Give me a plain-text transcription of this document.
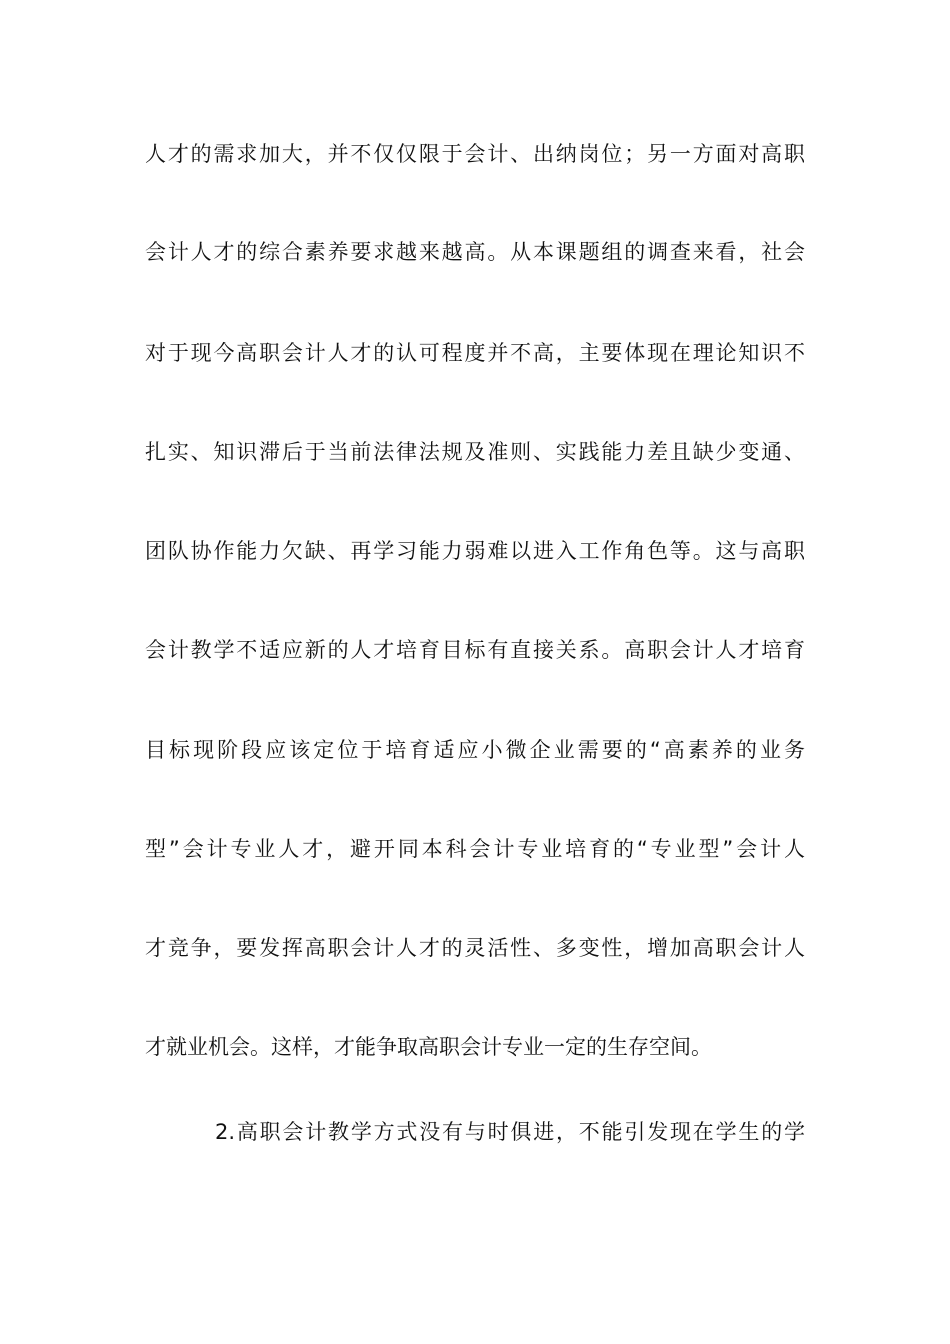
人才的需求加大，并不仅仅限于会计、出纳岗位；另一方面对高职
会计人才的综合素养要求越来越高。从本课题组的调查来看，社会
对于现今高职会计人才的认可程度并不高，主要体现在理论知识不
扎实、知识滞后于当前法律法规及准则、实践能力差且缺少变通、
团队协作能力欠缺、再学习能力弱难以进入工作角色等。这与高职
会计教学不适应新的人才培育目标有直接关系。高职会计人才培育
目标现阶段应该定位于培育适应小微企业需要的“高素养的业务
型”会计专业人才，避开同本科会计专业培育的“专业型”会计人
才竞争，要发挥高职会计人才的灵活性、多变性，增加高职会计人
才就业机会。这样，才能争取高职会计专业一定的生存空间。
2.高职会计教学方式没有与时俱进，不能引发现在学生的学
